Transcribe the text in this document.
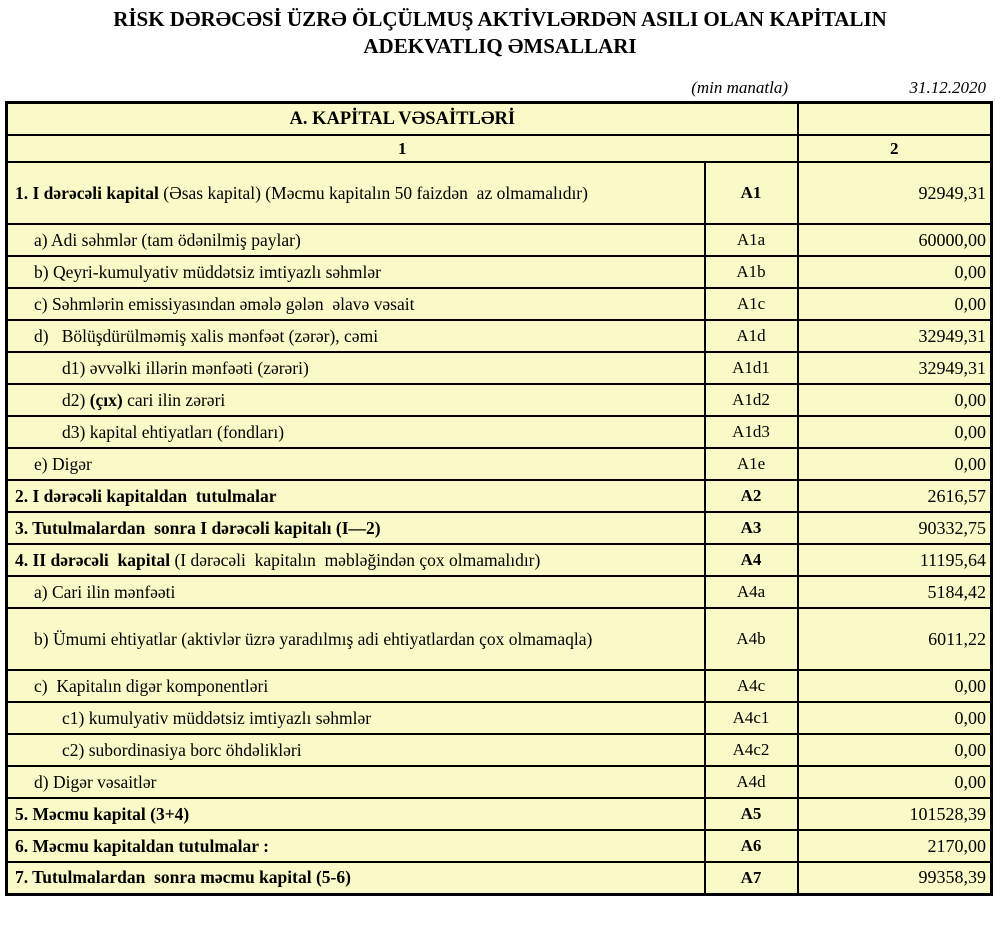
RİSK DƏRƏCƏSİ ÜZRƏ ÖLÇÜLMUŞ AKTİVLƏRDƏN ASILI OLAN KAPİTALIN
ADEKVATLIQ ƏMSALLARI
(min manatla)	31.12.2020
A. KAPİTAL VƏSAİTLƏRİ		
1		2
1. I dərəcəli kapital (Əsas kapital) (Məcmu kapitalın 50 faizdən  az olmamalıdır)	A1	92949,31
a) Adi səhmlər (tam ödənilmiş paylar)	A1a	60000,00
b) Qeyri-kumulyativ müddətsiz imtiyazlı səhmlər	A1b	0,00
c) Səhmlərin emissiyasından əmələ gələn  əlavə vəsait	A1c	0,00
d)   Bölüşdürülməmiş xalis mənfəət (zərər), cəmi	A1d	32949,31
d1) əvvəlki illərin mənfəəti (zərəri)	A1d1	32949,31
d2) (çıx) cari ilin zərəri	A1d2	0,00
d3) kapital ehtiyatları (fondları)	A1d3	0,00
e) Digər	A1e	0,00
2. I dərəcəli kapitaldan  tutulmalar	A2	2616,57
3. Tutulmalardan  sonra I dərəcəli kapitalı (I—2)	A3	90332,75
4. II dərəcəli  kapital (I dərəcəli  kapitalın  məbləğindən çox olmamalıdır)	A4	11195,64
a) Cari ilin mənfəəti	A4a	5184,42
b) Ümumi ehtiyatlar (aktivlər üzrə yaradılmış adi ehtiyatlardan çox olmamaqla)	A4b	6011,22
c)  Kapitalın digər komponentləri	A4c	0,00
c1) kumulyativ müddətsiz imtiyazlı səhmlər	A4c1	0,00
c2) subordinasiya borc öhdəlikləri	A4c2	0,00
d) Digər vəsaitlər	A4d	0,00
5. Məcmu kapital (3+4)	A5	101528,39
6. Məcmu kapitaldan tutulmalar :	A6	2170,00
7. Tutulmalardan  sonra məcmu kapital (5-6)	A7	99358,39
